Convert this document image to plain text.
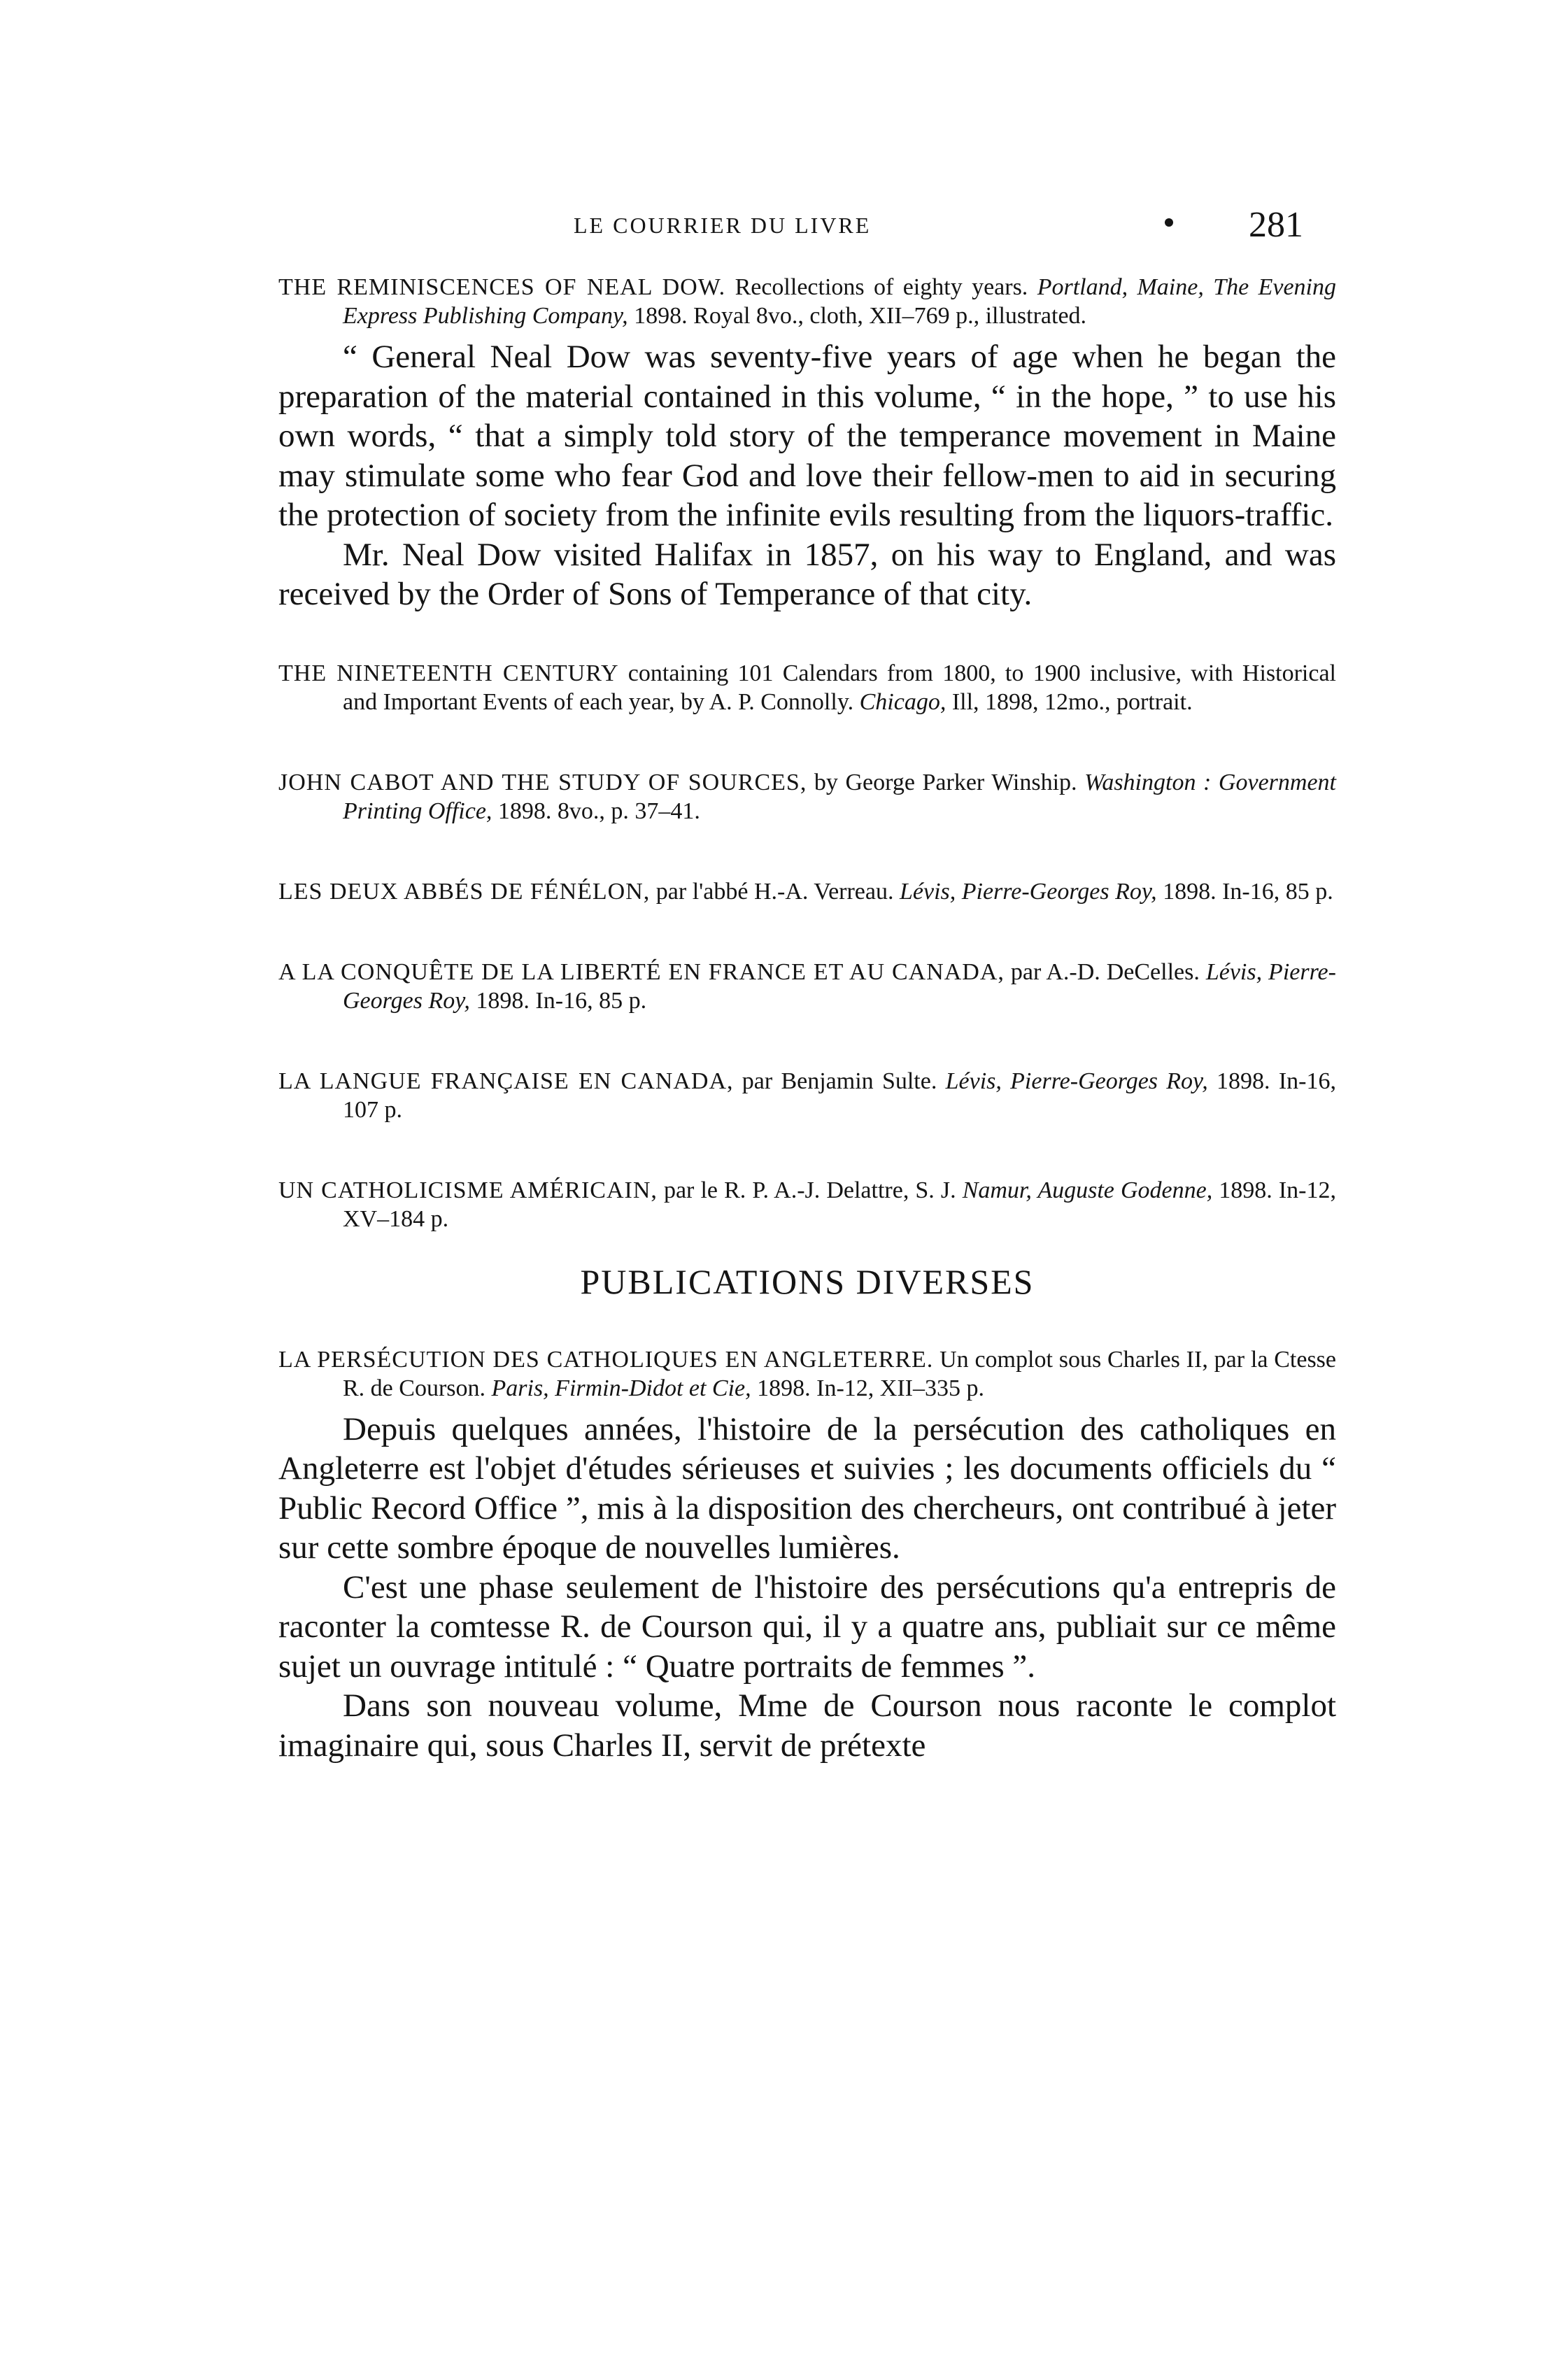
LE COURRIER DU LIVRE	281

THE REMINISCENCES OF NEAL DOW. Recollections of eighty years. Portland, Maine, The Evening Express Publishing Company, 1898. Royal 8vo., cloth, XII–769 p., illustrated.

“ General Neal Dow was seventy-five years of age when he began the preparation of the material contained in this volume, “ in the hope, ” to use his own words, “ that a simply told story of the temperance movement in Maine may stimulate some who fear God and love their fellow-men to aid in securing the protection of society from the infinite evils resulting from the liquors-traffic.

Mr. Neal Dow visited Halifax in 1857, on his way to England, and was received by the Order of Sons of Temperance of that city.

THE NINETEENTH CENTURY containing 101 Calendars from 1800, to 1900 inclusive, with Historical and Important Events of each year, by A. P. Connolly. Chicago, Ill, 1898, 12mo., portrait.

JOHN CABOT AND THE STUDY OF SOURCES, by George Parker Winship. Washington : Government Printing Office, 1898. 8vo., p. 37–41.

LES DEUX ABBÉS DE FÉNÉLON, par l'abbé H.-A. Verreau. Lévis, Pierre-Georges Roy, 1898. In-16, 85 p.

A LA CONQUÊTE DE LA LIBERTÉ EN FRANCE ET AU CANADA, par A.-D. DeCelles. Lévis, Pierre-Georges Roy, 1898. In-16, 85 p.

LA LANGUE FRANÇAISE EN CANADA, par Benjamin Sulte. Lévis, Pierre-Georges Roy, 1898. In-16, 107 p.

UN CATHOLICISME AMÉRICAIN, par le R. P. A.-J. Delattre, S. J. Namur, Auguste Godenne, 1898. In-12, XV–184 p.

PUBLICATIONS DIVERSES

LA PERSÉCUTION DES CATHOLIQUES EN ANGLETERRE. Un complot sous Charles II, par la Ctesse R. de Courson. Paris, Firmin-Didot et Cie, 1898. In-12, XII–335 p.

Depuis quelques années, l'histoire de la persécution des catholiques en Angleterre est l'objet d'études sérieuses et suivies ; les documents officiels du “ Public Record Office ”, mis à la disposition des chercheurs, ont contribué à jeter sur cette sombre époque de nouvelles lumières.

C'est une phase seulement de l'histoire des persécutions qu'a entrepris de raconter la comtesse R. de Courson qui, il y a quatre ans, publiait sur ce même sujet un ouvrage intitulé : “ Quatre portraits de femmes ”.

Dans son nouveau volume, Mme de Courson nous raconte le complot imaginaire qui, sous Charles II, servit de prétexte
